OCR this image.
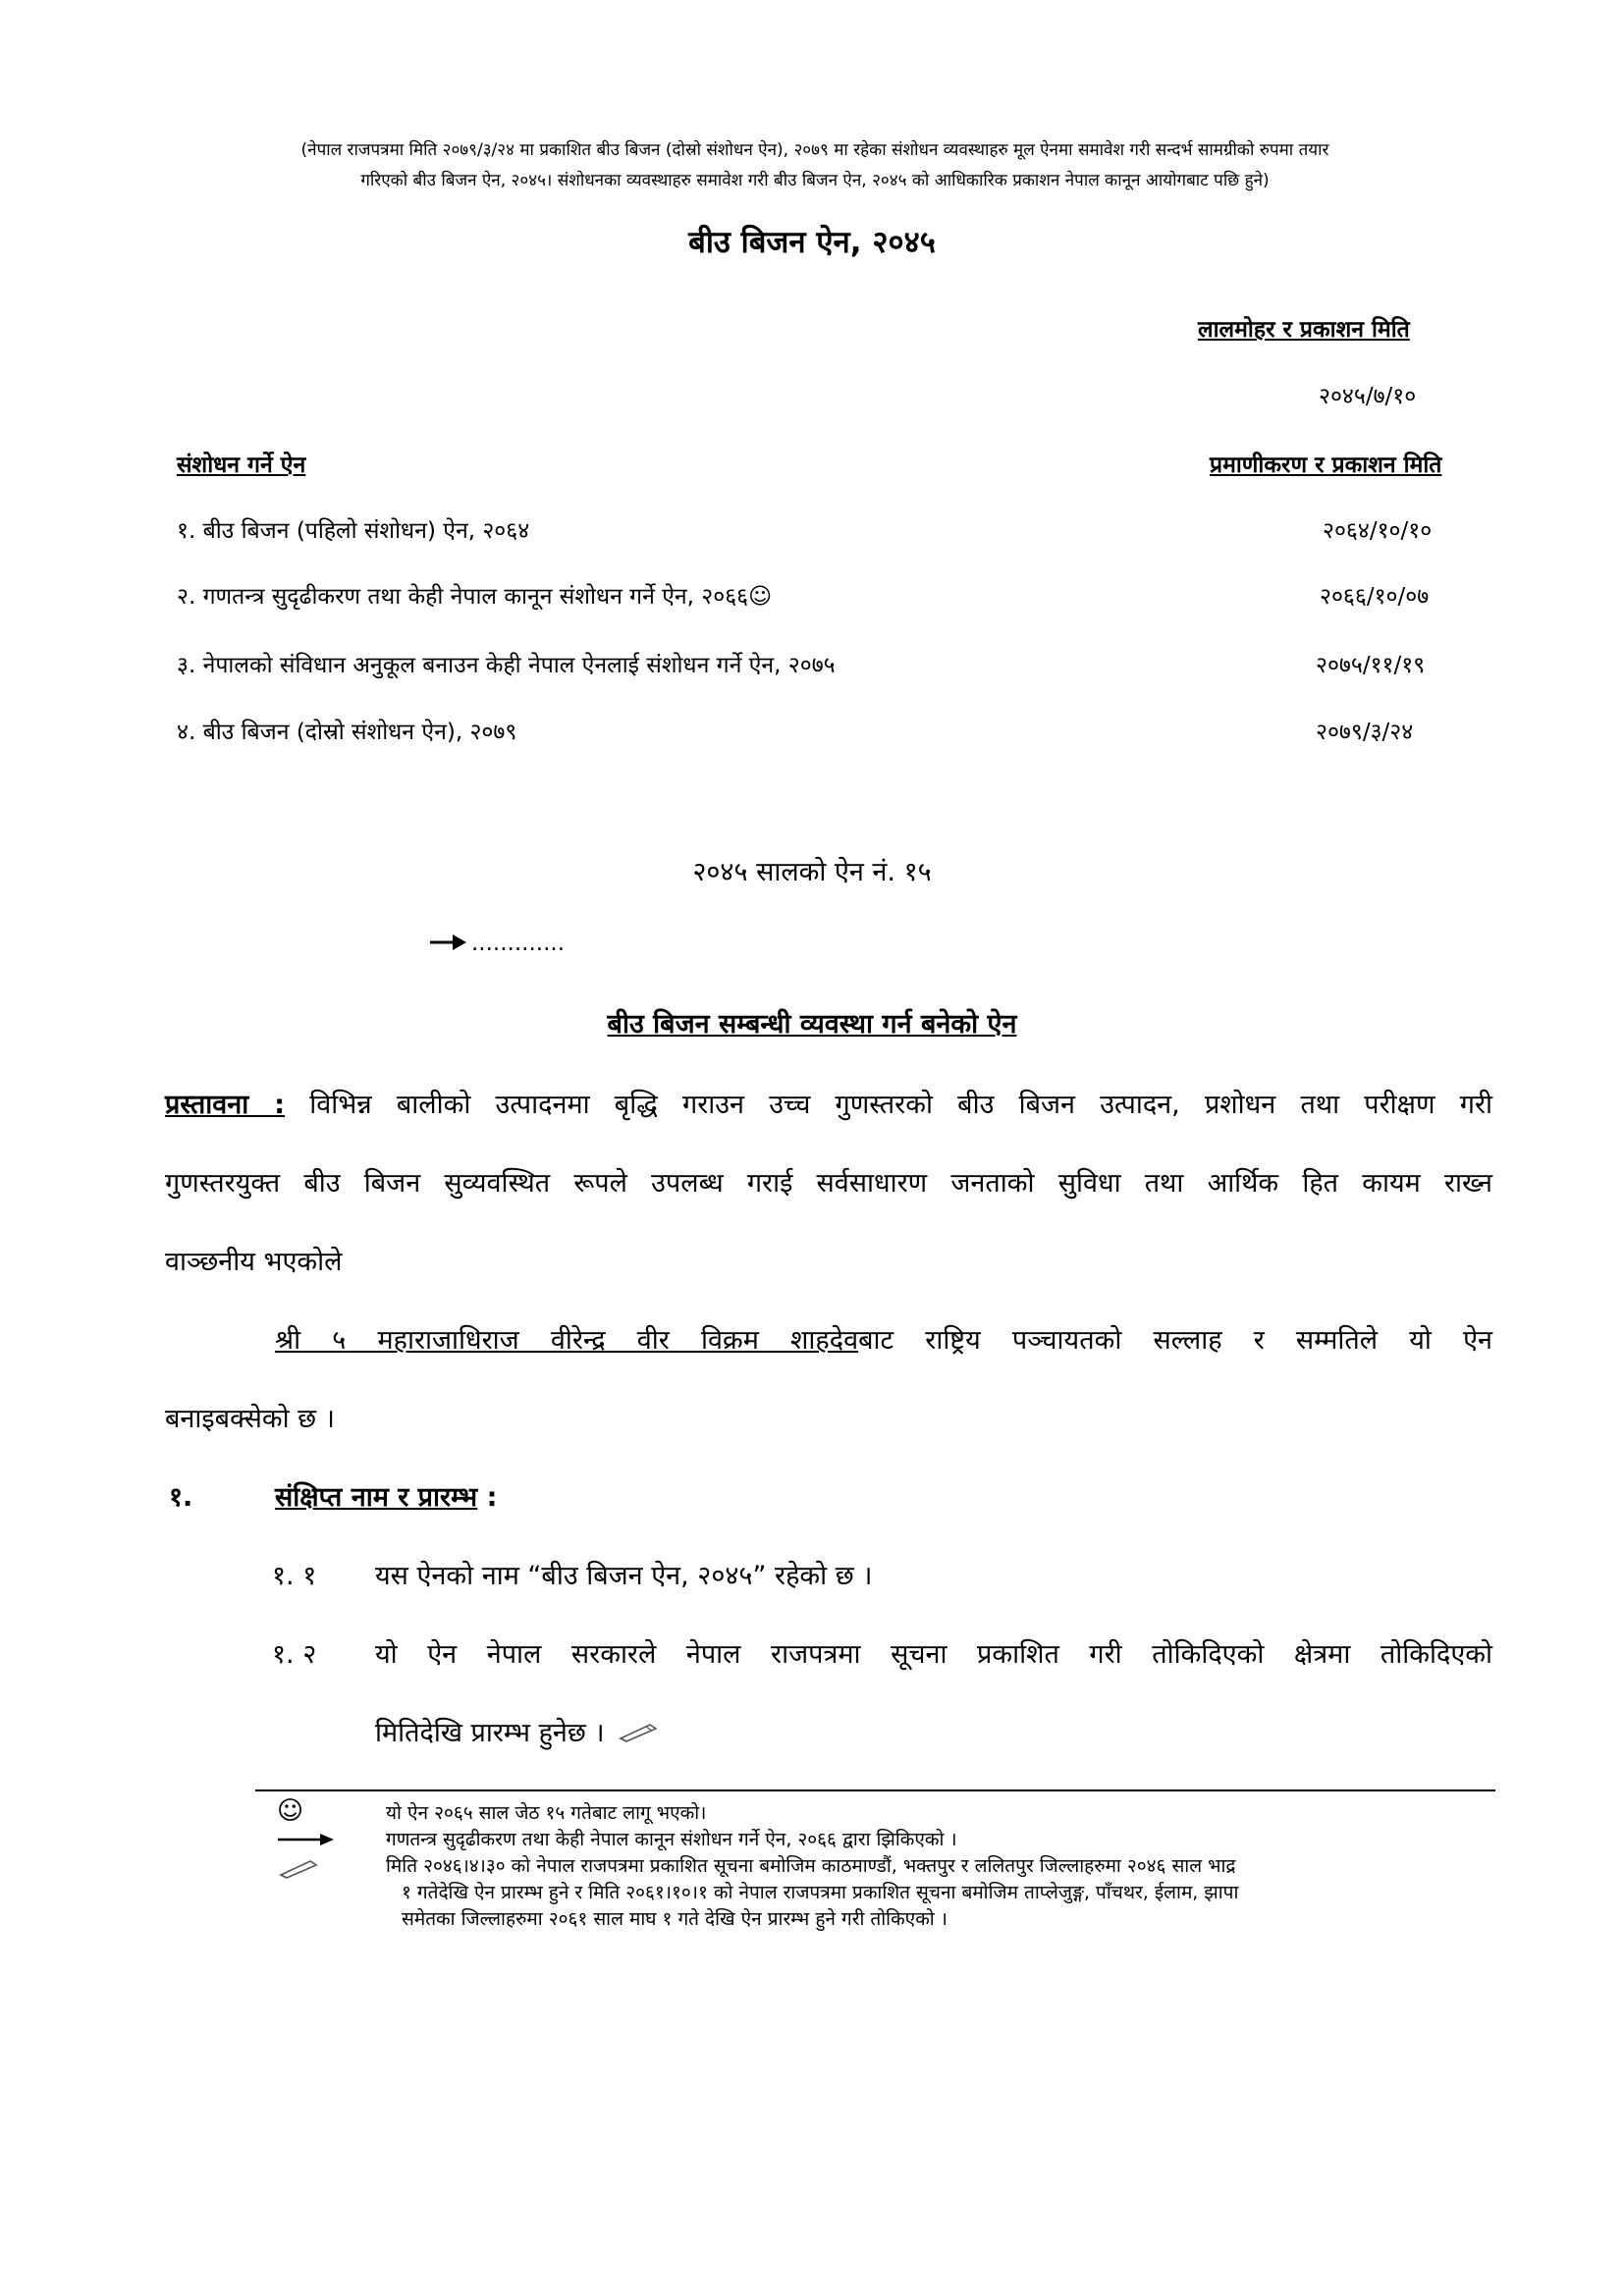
(नेपाल राजपत्रमा मिति २०७९/३/२४ मा प्रकाशित बीउ बिजन (दोस्रो संशोधन ऐन), २०७९ मा रहेका संशोधन व्यवस्थाहरु मूल ऐनमा समावेश गरी सन्दर्भ सामग्रीको रुपमा तयार
गरिएको बीउ बिजन ऐन, २०४५। संशोधनका व्यवस्थाहरु समावेश गरी बीउ बिजन ऐन, २०४५ को आधिकारिक प्रकाशन नेपाल कानून आयोगबाट पछि हुने)
बीउ बिजन ऐन, २०४५
लालमोहर र प्रकाशन मिति
२०४५/७/१०
संशोधन गर्ने ऐन	प्रमाणीकरण र प्रकाशन मिति
१. बीउ बिजन (पहिलो संशोधन) ऐन, २०६४	२०६४/१०/१०
२. गणतन्त्र सुदृढीकरण तथा केही नेपाल कानून संशोधन गर्ने ऐन, २०६६☺	२०६६/१०/०७
३. नेपालको संविधान अनुकूल बनाउन केही नेपाल ऐनलाई संशोधन गर्ने ऐन, २०७५	२०७५/११/१९
४. बीउ बिजन (दोस्रो संशोधन ऐन), २०७९	२०७९/३/२४
२०४५ सालको ऐन नं. १५
.............
बीउ बिजन सम्बन्धी व्यवस्था गर्न बनेको ऐन
प्रस्तावना : विभिन्न बालीको उत्पादनमा बृद्धि गराउन उच्च गुणस्तरको बीउ बिजन उत्पादन, प्रशोधन तथा परीक्षण गरी
गुणस्तरयुक्त बीउ बिजन सुव्यवस्थित रूपले उपलब्ध गराई सर्वसाधारण जनताको सुविधा तथा आर्थिक हित कायम राख्न
वाञ्छनीय भएकोले
श्री ५ महाराजाधिराज वीरेन्द्र वीर विक्रम शाहदेवबाट राष्ट्रिय पञ्चायतको सल्लाह र सम्मतिले यो ऐन
बनाइबक्सेको छ ।
१.	संक्षिप्त नाम र प्रारम्भ :
१. १ यस ऐनको नाम “बीउ बिजन ऐन, २०४५” रहेको छ ।
१. २ यो ऐन नेपाल सरकारले नेपाल राजपत्रमा सूचना प्रकाशित गरी तोकिदिएको क्षेत्रमा तोकिदिएको
मितिदेखि प्रारम्भ हुनेछ ।
☺	यो ऐन २०६५ साल जेठ १५ गतेबाट लागू भएको।
गणतन्त्र सुदृढीकरण तथा केही नेपाल कानून संशोधन गर्ने ऐन, २०६६ द्वारा झिकिएको ।
मिति २०४६।४।३० को नेपाल राजपत्रमा प्रकाशित सूचना बमोजिम काठमाण्डौं, भक्तपुर र ललितपुर जिल्लाहरुमा २०४६ साल भाद्र
१ गतेदेखि ऐन प्रारम्भ हुने र मिति २०६१।१०।१ को नेपाल राजपत्रमा प्रकाशित सूचना बमोजिम ताप्लेजुङ्ग, पाँचथर, ईलाम, झापा
समेतका जिल्लाहरुमा २०६१ साल माघ १ गते देखि ऐन प्रारम्भ हुने गरी तोकिएको ।
